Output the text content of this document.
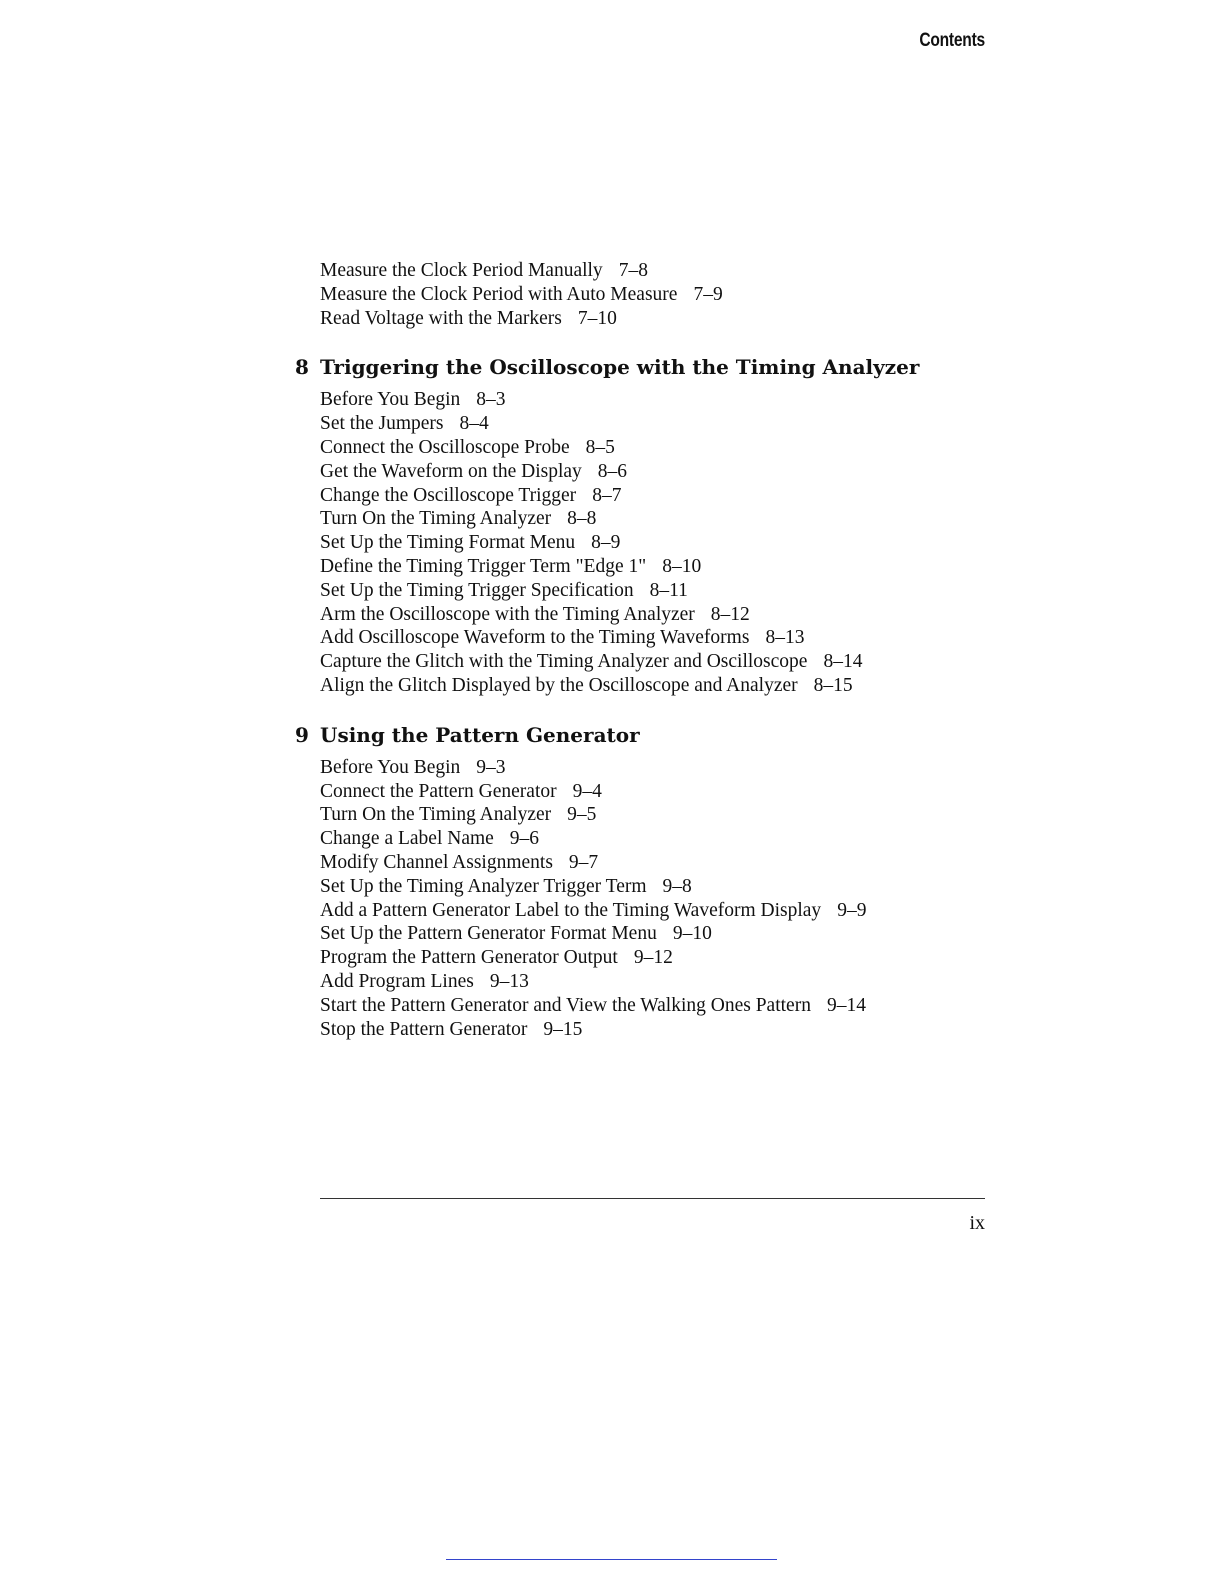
Contents
Measure the Clock Period Manually 7–8
Measure the Clock Period with Auto Measure 7–9
Read Voltage with the Markers 7–10
8 Triggering the Oscilloscope with the Timing Analyzer
Before You Begin 8–3
Set the Jumpers 8–4
Connect the Oscilloscope Probe 8–5
Get the Waveform on the Display 8–6
Change the Oscilloscope Trigger 8–7
Turn On the Timing Analyzer 8–8
Set Up the Timing Format Menu 8–9
Define the Timing Trigger Term "Edge 1" 8–10
Set Up the Timing Trigger Specification 8–11
Arm the Oscilloscope with the Timing Analyzer 8–12
Add Oscilloscope Waveform to the Timing Waveforms 8–13
Capture the Glitch with the Timing Analyzer and Oscilloscope 8–14
Align the Glitch Displayed by the Oscilloscope and Analyzer 8–15
9 Using the Pattern Generator
Before You Begin 9–3
Connect the Pattern Generator 9–4
Turn On the Timing Analyzer 9–5
Change a Label Name 9–6
Modify Channel Assignments 9–7
Set Up the Timing Analyzer Trigger Term 9–8
Add a Pattern Generator Label to the Timing Waveform Display 9–9
Set Up the Pattern Generator Format Menu 9–10
Program the Pattern Generator Output 9–12
Add Program Lines 9–13
Start the Pattern Generator and View the Walking Ones Pattern 9–14
Stop the Pattern Generator 9–15
ix
